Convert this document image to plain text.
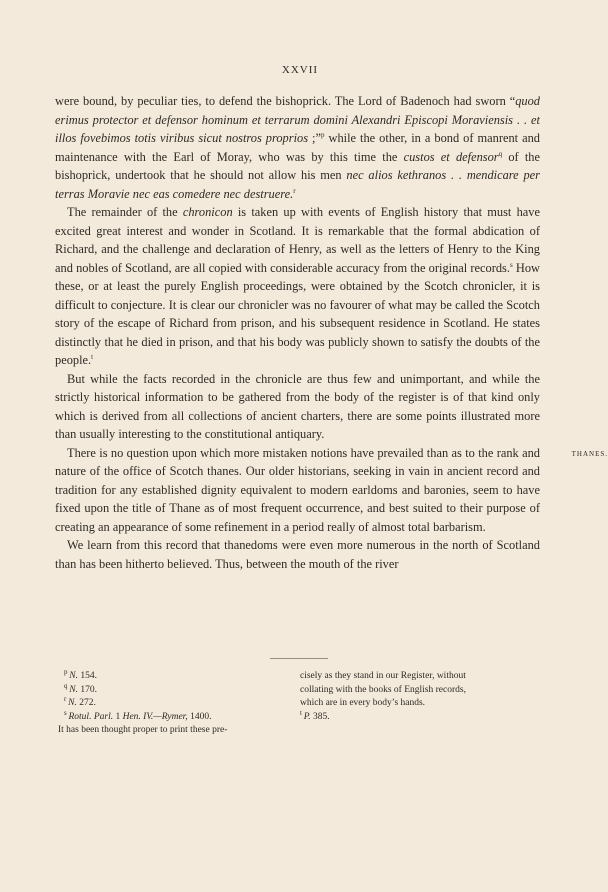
XXVII

were bound, by peculiar ties, to defend the bishoprick. The Lord of Badenoch had sworn “quod erimus protector et defensor hominum et terrarum domini Alexandri Episcopi Moraviensis . . et illos fovebimos totis viribus sicut nostros proprios ;”$^p$ while the other, in a bond of manrent and maintenance with the Earl of Moray, who was by this time the custos et defensor$^q$ of the bishoprick, undertook that he should not allow his men nec alios kethranos . . mendicare per terras Moravie nec eas comedere nec destruere.$^r$

The remainder of the chronicon is taken up with events of English history that must have excited great interest and wonder in Scotland. It is remarkable that the formal abdication of Richard, and the challenge and declaration of Henry, as well as the letters of Henry to the King and nobles of Scotland, are all copied with considerable accuracy from the original records.$^s$ How these, or at least the purely English proceedings, were obtained by the Scotch chronicler, it is difficult to conjecture. It is clear our chronicler was no favourer of what may be called the Scotch story of the escape of Richard from prison, and his subsequent residence in Scotland. He states distinctly that he died in prison, and that his body was publicly shown to satisfy the doubts of the people.$^t$

But while the facts recorded in the chronicle are thus few and unimportant, and while the strictly historical information to be gathered from the body of the register is of that kind only which is derived from all collections of ancient charters, there are some points illustrated more than usually interesting to the constitutional antiquary.

THANES.
There is no question upon which more mistaken notions have prevailed than as to the rank and nature of the office of Scotch thanes. Our older historians, seeking in vain in ancient record and tradition for any established dignity equivalent to modern earldoms and baronies, seem to have fixed upon the title of Thane as of most frequent occurrence, and best suited to their purpose of creating an appearance of some refinement in a period really of almost total barbarism.

We learn from this record that thanedoms were even more numerous in the north of Scotland than has been hitherto believed. Thus, between the mouth of the river

$^p$ N. 154.
$^q$ N. 170.
$^r$ N. 272.
$^s$ Rotul. Parl. 1 Hen. IV.—Rymer, 1400.
It has been thought proper to print these pre-
cisely as they stand in our Register, without
collating with the books of English records,
which are in every body’s hands.
$^t$ P. 385.
